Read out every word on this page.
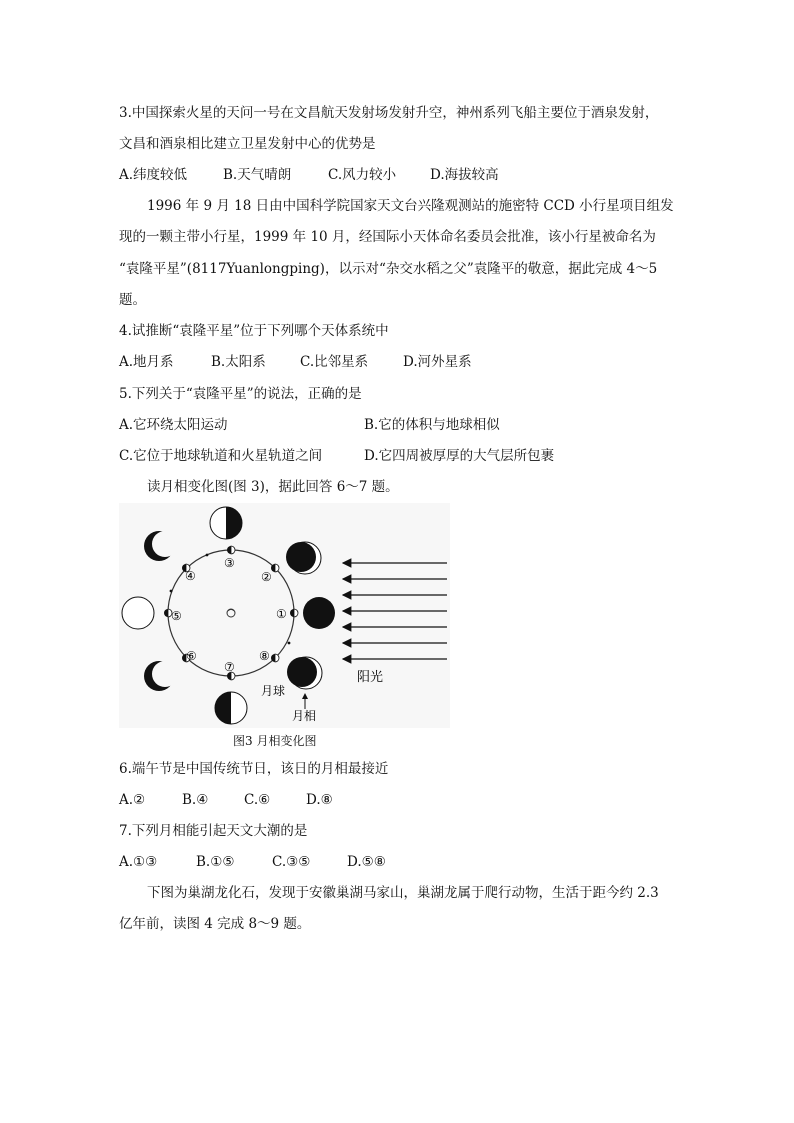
3.中国探索火星的天问一号在文昌航天发射场发射升空，神州系列飞船主要位于酒泉发射，
文昌和酒泉相比建立卫星发射中心的优势是
A.纬度较低	B.天气晴朗	C.风力较小	D.海拔较高
1996 年 9 月 18 日由中国科学院国家天文台兴隆观测站的施密特 CCD 小行星项目组发
现的一颗主带小行星，1999 年 10 月，经国际小天体命名委员会批准，该小行星被命名为
“袁隆平星”(8117Yuanlongping)，以示对“杂交水稻之父”袁隆平的敬意，据此完成 4～5
题。
4.试推断“袁隆平星”位于下列哪个天体系统中
A.地月系	B.太阳系	C.比邻星系	D.河外星系
5.下列关于“袁隆平星”的说法，正确的是
A.它环绕太阳运动	B.它的体积与地球相似
C.它位于地球轨道和火星轨道之间	D.它四周被厚厚的大气层所包裹
读月相变化图(图 3)，据此回答 6～7 题。
①
②
③
④
⑤
⑥
⑦
⑧
阳光
月球
月相
图3 月相变化图
6.端午节是中国传统节日，该日的月相最接近
A.②	B.④	C.⑥	D.⑧
7.下列月相能引起天文大潮的是
A.①③	B.①⑤	C.③⑤	D.⑤⑧
下图为巢湖龙化石，发现于安徽巢湖马家山，巢湖龙属于爬行动物，生活于距今约 2.3
亿年前，读图 4 完成 8～9 题。
